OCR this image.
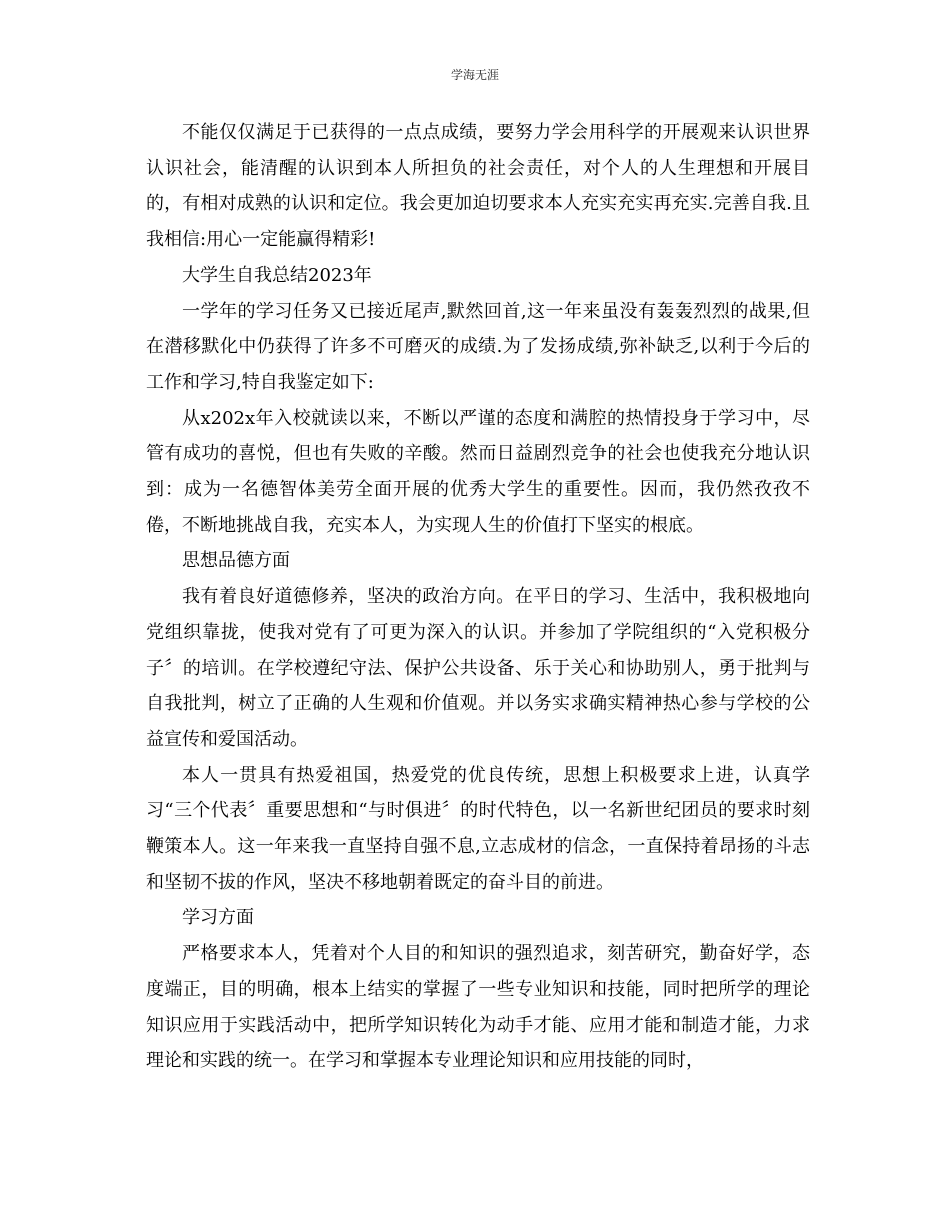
学海无涯

不能仅仅满足于已获得的一点点成绩，要努力学会用科学的开展观来认识世界认识社会，能清醒的认识到本人所担负的社会责任，对个人的人生理想和开展目的，有相对成熟的认识和定位。我会更加迫切要求本人充实充实再充实.完善自我.且我相信:用心一定能赢得精彩!

大学生自我总结2023年

一学年的学习任务又已接近尾声,默然回首,这一年来虽没有轰轰烈烈的战果,但在潜移默化中仍获得了许多不可磨灭的成绩.为了发扬成绩,弥补缺乏,以利于今后的工作和学习,特自我鉴定如下:

从x202x年入校就读以来，不断以严谨的态度和满腔的热情投身于学习中，尽管有成功的喜悦，但也有失败的辛酸。然而日益剧烈竞争的社会也使我充分地认识到：成为一名德智体美劳全面开展的优秀大学生的重要性。因而，我仍然孜孜不倦，不断地挑战自我，充实本人，为实现人生的价值打下坚实的根底。

思想品德方面

我有着良好道德修养，坚决的政治方向。在平日的学习、生活中，我积极地向党组织靠拢，使我对党有了可更为深入的认识。并参加了学院组织的“入党积极分子〞的培训。在学校遵纪守法、保护公共设备、乐于关心和协助别人，勇于批判与自我批判，树立了正确的人生观和价值观。并以务实求确实精神热心参与学校的公益宣传和爱国活动。

本人一贯具有热爱祖国，热爱党的优良传统，思想上积极要求上进，认真学习“三个代表〞重要思想和“与时俱进〞的时代特色，以一名新世纪团员的要求时刻鞭策本人。这一年来我一直坚持自强不息,立志成材的信念，一直保持着昂扬的斗志和坚韧不拔的作风，坚决不移地朝着既定的奋斗目的前进。

学习方面

严格要求本人，凭着对个人目的和知识的强烈追求，刻苦研究，勤奋好学，态度端正，目的明确，根本上结实的掌握了一些专业知识和技能，同时把所学的理论知识应用于实践活动中，把所学知识转化为动手才能、应用才能和制造才能，力求理论和实践的统一。在学习和掌握本专业理论知识和应用技能的同时，
